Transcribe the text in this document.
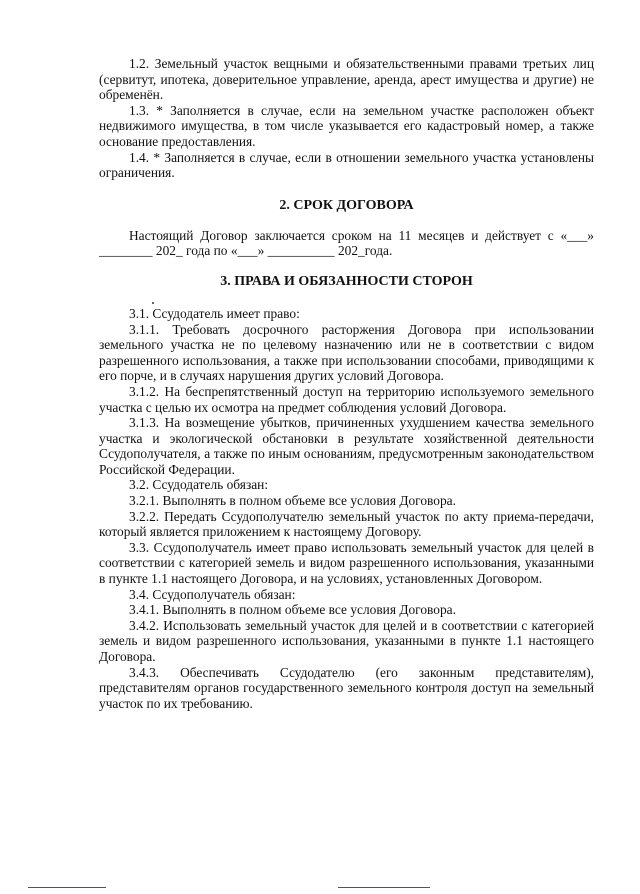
1.2. Земельный участок вещными и обязательственными правами третьих лиц (сервитут, ипотека, доверительное управление, аренда, арест имущества и другие) не обременён.

1.3. * Заполняется в случае, если на земельном участке расположен объект недвижимого имущества, в том числе указывается его кадастровый номер, а также основание предоставления.

1.4. * Заполняется в случае, если в отношении земельного участка установлены ограничения.

2. СРОК ДОГОВОРА

Настоящий Договор заключается сроком на 11 месяцев и действует с «___» ________ 202_ года по «___» __________ 202_года.

3. ПРАВА И ОБЯЗАННОСТИ СТОРОН

3.1. Ссудодатель имеет право:

3.1.1. Требовать досрочного расторжения Договора при использовании земельного участка не по целевому назначению или не в соответствии с видом разрешенного использования, а также при использовании способами, приводящими к его порче, и в случаях нарушения других условий Договора.

3.1.2. На беспрепятственный доступ на территорию используемого земельного участка с целью их осмотра на предмет соблюдения условий Договора.

3.1.3. На возмещение убытков, причиненных ухудшением качества земельного участка и экологической обстановки в результате хозяйственной деятельности Ссудополучателя, а также по иным основаниям, предусмотренным законодательством Российской Федерации.

3.2. Ссудодатель обязан:

3.2.1. Выполнять в полном объеме все условия Договора.

3.2.2. Передать Ссудополучателю земельный участок по акту приема-передачи, который является приложением к настоящему Договору.

3.3. Ссудополучатель имеет право использовать земельный участок для целей в соответствии с категорией земель и видом разрешенного использования, указанными в пункте 1.1 настоящего Договора, и на условиях, установленных Договором.

3.4. Ссудополучатель обязан:

3.4.1. Выполнять в полном объеме все условия Договора.

3.4.2. Использовать земельный участок для целей и в соответствии с категорией земель и видом разрешенного использования, указанными в пункте 1.1 настоящего Договора.

3.4.3. Обеспечивать Ссудодателю (его законным представителям), представителям органов государственного земельного контроля доступ на земельный участок по их требованию.
